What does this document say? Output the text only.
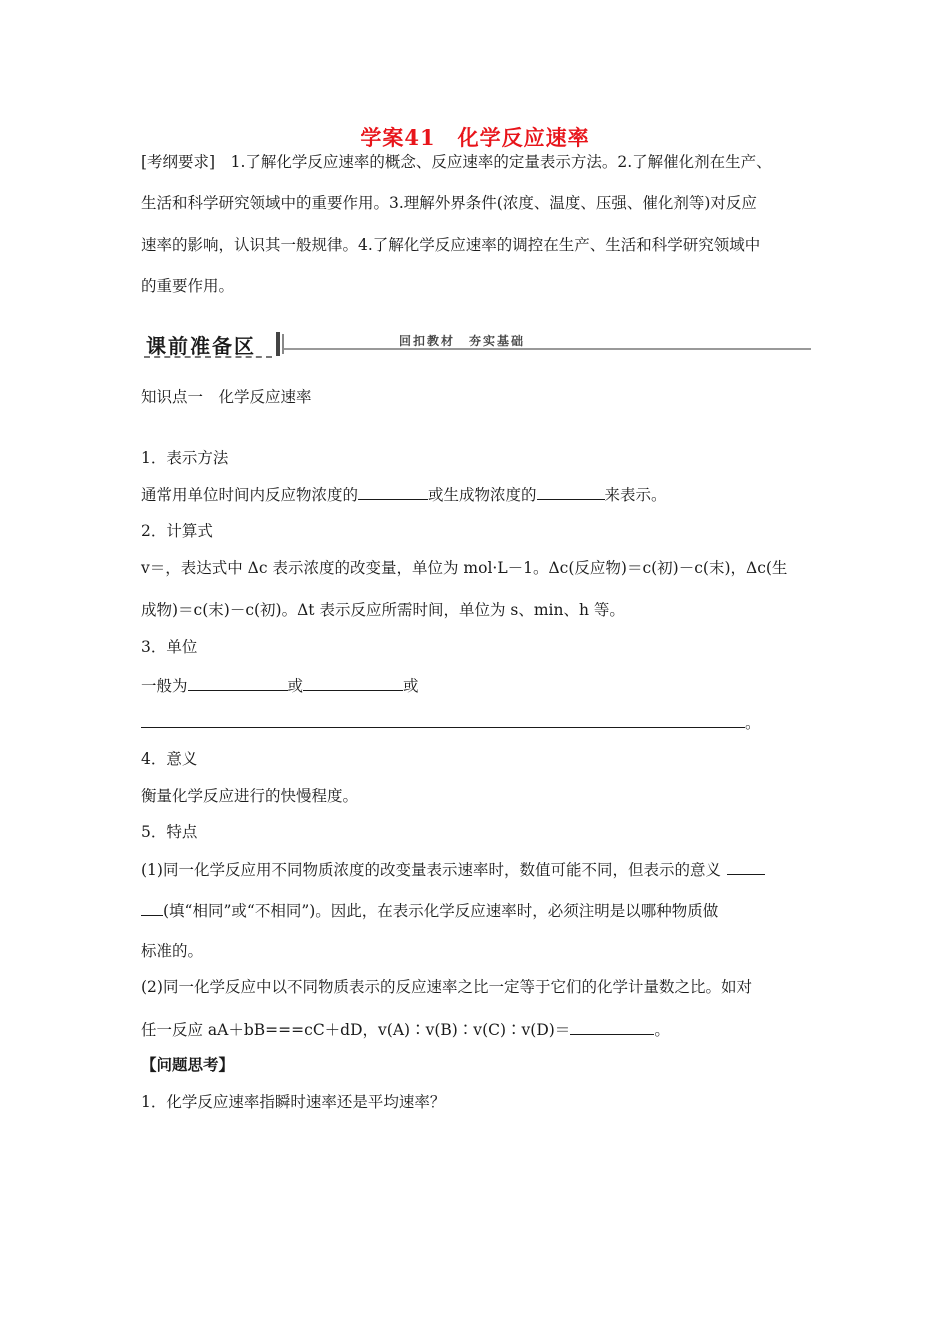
学案41　化学反应速率
[考纲要求]　1.了解化学反应速率的概念、反应速率的定量表示方法。2.了解催化剂在生产、
生活和科学研究领域中的重要作用。3.理解外界条件(浓度、温度、压强、催化剂等)对反应
速率的影响，认识其一般规律。4.了解化学反应速率的调控在生产、生活和科学研究领域中
的重要作用。
课前准备区	回扣教材　夯实基础
知识点一　化学反应速率
1．表示方法
通常用单位时间内反应物浓度的	或生成物浓度的	来表示。
2．计算式
v＝，表达式中 Δc 表示浓度的改变量，单位为 mol·L－1。Δc(反应物)＝c(初)－c(末)，Δc(生
成物)＝c(末)－c(初)。Δt 表示反应所需时间，单位为 s、min、h 等。
3．单位
一般为	或	或
。
4．意义
衡量化学反应进行的快慢程度。
5．特点
(1)同一化学反应用不同物质浓度的改变量表示速率时，数值可能不同，但表示的意义
(填“相同”或“不相同”)。因此，在表示化学反应速率时，必须注明是以哪种物质做
标准的。
(2)同一化学反应中以不同物质表示的反应速率之比一定等于它们的化学计量数之比。如对
任一反应 aA＋bB===cC＋dD，v(A)∶v(B)∶v(C)∶v(D)＝	。
【问题思考】
1．化学反应速率指瞬时速率还是平均速率？
